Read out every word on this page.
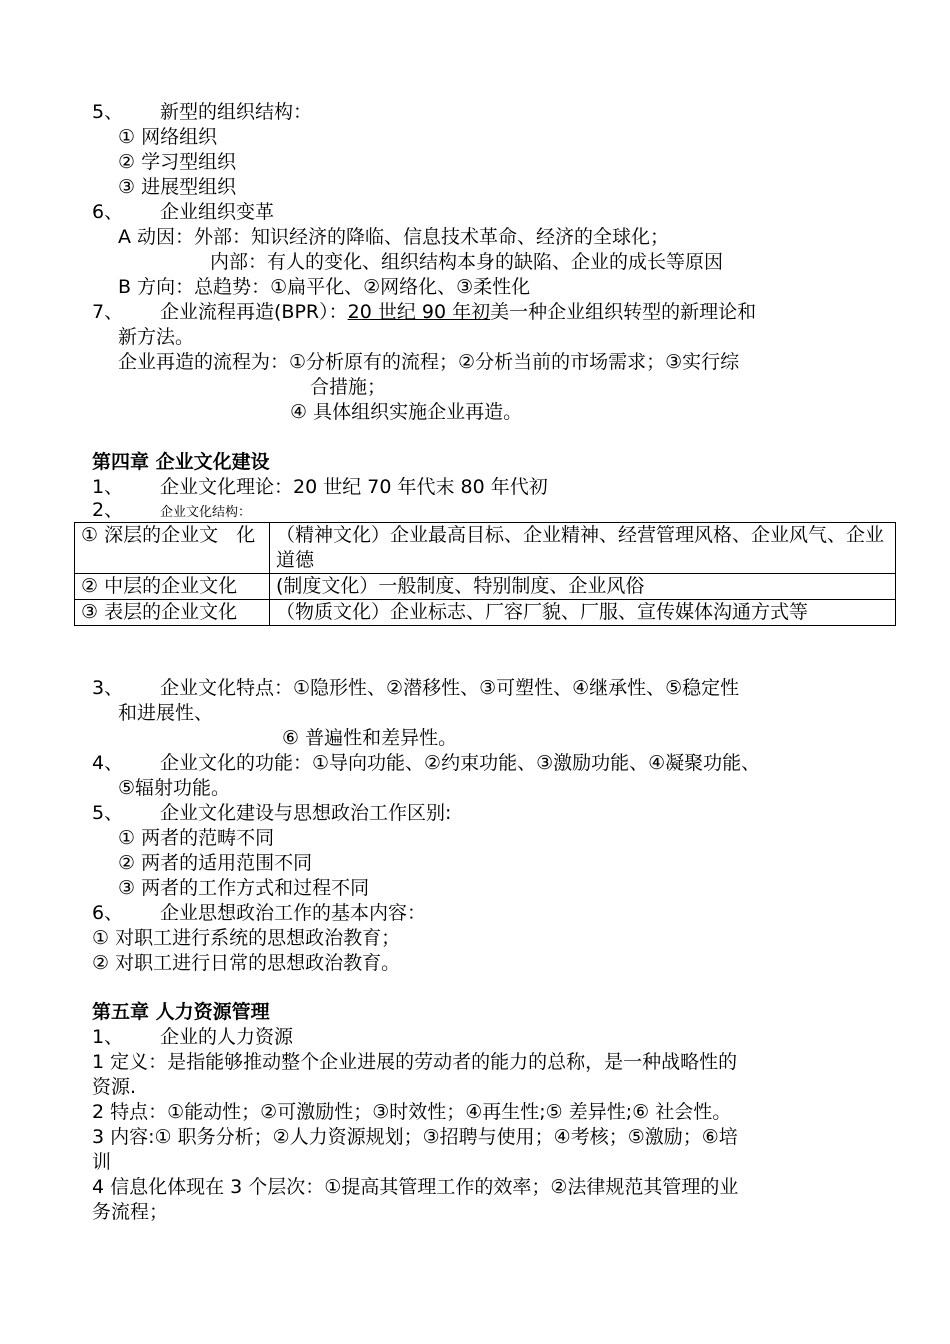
5、 新型的组织结构：
① 网络组织
② 学习型组织
③ 进展型组织
6、 企业组织变革
A 动因：外部：知识经济的降临、信息技术革命、经济的全球化；
内部：有人的变化、组织结构本身的缺陷、企业的成长等原因
B 方向：总趋势：①扁平化、②网络化、③柔性化
7、 企业流程再造(BPR）：20 世纪 90 年初美一种企业组织转型的新理论和
新方法。
企业再造的流程为：①分析原有的流程；②分析当前的市场需求；③实行综
合措施；
④ 具体组织实施企业再造。
第四章 企业文化建设
1、 企业文化理论：20 世纪 70 年代末 80 年代初
2、	企业文化结构：
① 深层的企业文   化	（精神文化）企业最高目标、企业精神、经营管理风格、企业风气、企业道德
② 中层的企业文化	(制度文化）一般制度、特别制度、企业风俗
③ 表层的企业文化	（物质文化）企业标志、厂容厂貌、厂服、宣传媒体沟通方式等
3、 企业文化特点：①隐形性、②潜移性、③可塑性、④继承性、⑤稳定性
和进展性、
⑥ 普遍性和差异性。
4、 企业文化的功能：①导向功能、②约束功能、③激励功能、④凝聚功能、
⑤辐射功能。
5、 企业文化建设与思想政治工作区别:
① 两者的范畴不同
② 两者的适用范围不同
③ 两者的工作方式和过程不同
6、 企业思想政治工作的基本内容：
① 对职工进行系统的思想政治教育；
② 对职工进行日常的思想政治教育。
第五章 人力资源管理
1、 企业的人力资源
1 定义：是指能够推动整个企业进展的劳动者的能力的总称，是一种战略性的
资源.
2 特点：①能动性；②可激励性；③时效性；④再生性;⑤ 差异性;⑥ 社会性。
3 内容:① 职务分析；②人力资源规划；③招聘与使用；④考核；⑤激励；⑥培
训
4 信息化体现在 3 个层次：①提高其管理工作的效率；②法律规范其管理的业
务流程；
